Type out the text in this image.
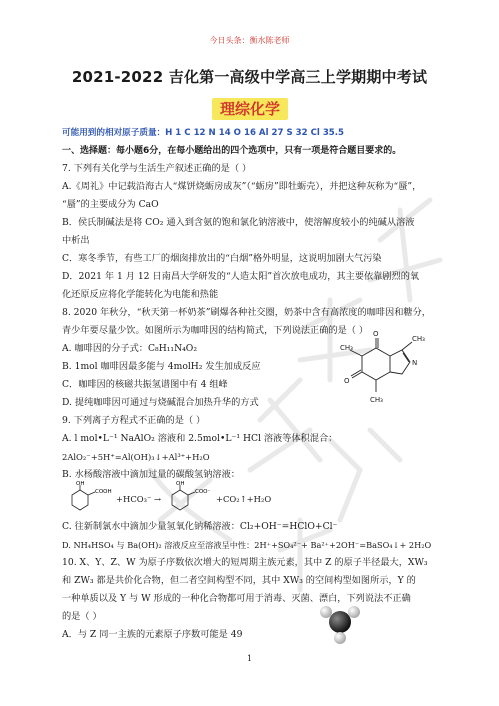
今日头条：衡水陈老师
2021-2022 吉化第一高级中学高三上学期期中考试
理综化学
可能用到的相对原子质量：H 1 C 12 N 14 O 16 Al 27 S 32 Cl 35.5
一、选择题：每小题6分，在每小题给出的四个选项中，只有一项是符合题目要求的。
7. 下列有关化学与生活生产叙述正确的是（ ）
A.《周礼》中记载沿海古人“煤饼烧蛎房成灰”（“蛎房”即牡蛎壳），并把这种灰称为“蜃”，
“蜃”的主要成分为 CaO
B．侯氏制碱法是将 CO₂ 通入到含氨的饱和氯化钠溶液中，使溶解度较小的纯碱从溶液
中析出
C．寒冬季节，有些工厂的烟囱排放出的“白烟”格外明显，这说明加剧大气污染
D．2021 年 1 月 12 日南昌大学研发的“人造太阳”首次放电成功，其主要依靠剧烈的氧
化还原反应将化学能转化为电能和热能
8. 2020 年秋分，“秋天第一杯奶茶”刷爆各种社交圈，奶茶中含有高浓度的咖啡因和糖分，
青少年要尽量少饮。如图所示为咖啡因的结构简式，下列说法正确的是（ ）
A. 咖啡因的分子式：C₈H₁₁N₄O₂
B. 1mol 咖啡因最多能与 4molH₂ 发生加成反应
C．咖啡因的核磁共振氢谱图中有 4 组峰
D. 提纯咖啡因可通过与烧碱混合加热升华的方式
O
O
N
CH₃
CH₃
CH₃
9. 下列离子方程式不正确的是（ ）
A. l mol•L⁻¹ NaAlO₂ 溶液和 2.5mol•L⁻¹ HCl 溶液等体积混合：
2AlO₂⁻+5H⁺=Al(OH)₃↓+Al³⁺+H₂O
B. 水杨酸溶液中滴加过量的碳酸氢钠溶液：
OH
COOH
+HCO₃⁻ →
OH
COO⁻
+CO₂↑+H₂O
C. 往新制氯水中滴加少量氢氧化钠稀溶液：Cl₂+OH⁻=HClO+Cl⁻
D. NH₄HSO₄ 与 Ba(OH)₂ 溶液反应至溶液呈中性：2H⁺+SO₄²⁻+ Ba²⁺+2OH⁻=BaSO₄↓+ 2H₂O
10. X、Y、Z、W 为原子序数依次增大的短周期主族元素，其中 Z 的原子半径最大，XW₃
和 ZW₃ 都是共价化合物，但二者空间构型不同，其中 XW₃ 的空间构型如图所示，Y 的
一种单质以及 Y 与 W 形成的一种化合物都可用于消毒、灭菌、漂白，下列说法不正确
的是（ ）
A．与 Z 同一主族的元素原子序数可能是 49
1
